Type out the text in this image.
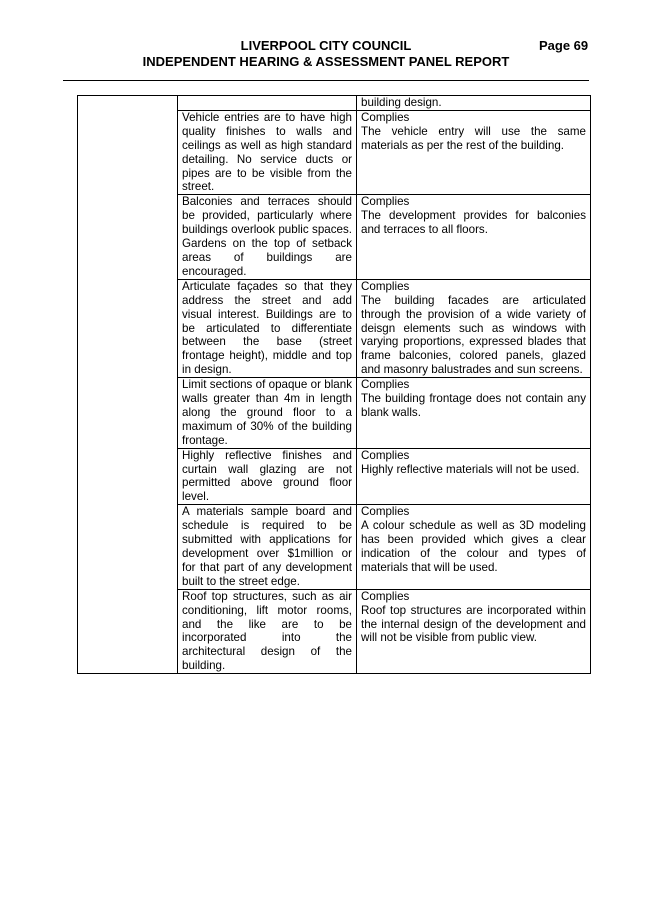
LIVERPOOL CITY COUNCIL	Page 69
INDEPENDENT HEARING & ASSESSMENT PANEL REPORT
		building design.
	Vehicle entries are to have high quality finishes to walls and ceilings as well as high standard detailing. No service ducts or pipes are to be visible from the street.	Complies
The vehicle entry will use the same materials as per the rest of the building.
	Balconies and terraces should be provided, particularly where buildings overlook public spaces. Gardens on the top of setback areas of buildings are encouraged.	Complies
The development provides for balconies and terraces to all floors.
	Articulate façades so that they address the street and add visual interest. Buildings are to be articulated to differentiate between the base (street frontage height), middle and top in design.	Complies
The building facades are articulated through the provision of a wide variety of deisgn elements such as windows with varying proportions, expressed blades that frame balconies, colored panels, glazed and masonry balustrades and sun screens.
	Limit sections of opaque or blank walls greater than 4m in length along the ground floor to a maximum of 30% of the building frontage.	Complies
The building frontage does not contain any blank walls.
	Highly reflective finishes and curtain wall glazing are not permitted above ground floor level.	Complies
Highly reflective materials will not be used.
	A materials sample board and schedule is required to be submitted with applications for development over $1million or for that part of any development built to the street edge.	Complies
A colour schedule as well as 3D modeling has been provided which gives a clear indication of the colour and types of materials that will be used.
	Roof top structures, such as air conditioning, lift motor rooms, and the like are to be incorporated into the architectural design of the building.	Complies
Roof top structures are incorporated within the internal design of the development and will not be visible from public view.
